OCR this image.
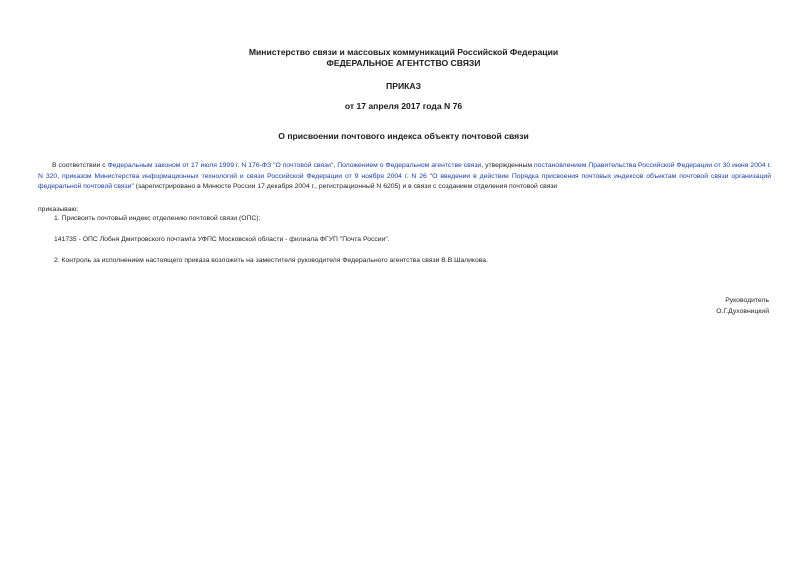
Министерство связи и массовых коммуникаций Российской Федерации
ФЕДЕРАЛЬНОЕ АГЕНТСТВО СВЯЗИ
ПРИКАЗ
от 17 апреля 2017 года N 76
О присвоении почтового индекса объекту почтовой связи
В соответствии с Федеральным законом от 17 июля 1999 г. N 176-ФЗ "О почтовой связи", Положением о Федеральном агентстве связи, утвержденным постановлением Правительства Российской Федерации от 30 июня 2004 г. N 320, приказом Министерства информационных технологий и связи Российской Федерации от 9 ноября 2004 г. N 26 "О введении в действие Порядка присвоения почтовых индексов объектам почтовой связи организаций федеральной почтовой связи" (зарегистрировано в Минюсте России 17 декабря 2004 г., регистрационный N 6205) и в связи с созданием отделения почтовой связи
приказываю:
1. Присвоить почтовый индекс отделению почтовой связи (ОПС):
141735 - ОПС Лобня Дмитровского почтамта УФПС Московской области - филиала ФГУП "Почта России".
2. Контроль за исполнением настоящего приказа возложить на заместителя руководителя Федерального агентства связи В.В.Шаликова.
Руководитель
О.Г.Духовницкий
